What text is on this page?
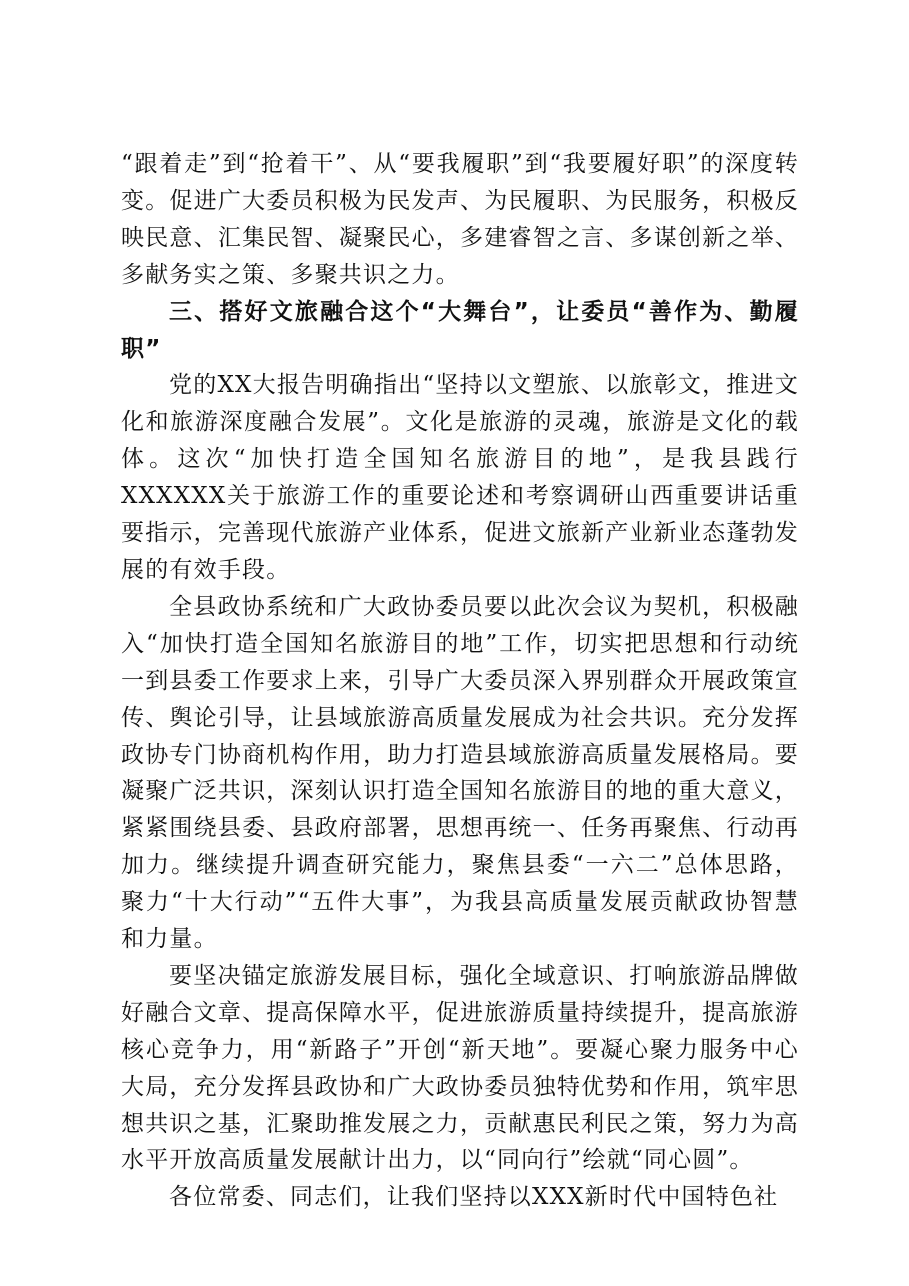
“跟着走”到“抢着干”、从“要我履职”到“我要履好职”的深度转变。促进广大委员积极为民发声、为民履职、为民服务，积极反映民意、汇集民智、凝聚民心，多建睿智之言、多谋创新之举、多献务实之策、多聚共识之力。

三、搭好文旅融合这个“大舞台”，让委员“善作为、勤履职”

党的XX大报告明确指出“坚持以文塑旅、以旅彰文，推进文化和旅游深度融合发展”。文化是旅游的灵魂，旅游是文化的载体。这次“加快打造全国知名旅游目的地”，是我县践行XXXXXX关于旅游工作的重要论述和考察调研山西重要讲话重要指示，完善现代旅游产业体系，促进文旅新产业新业态蓬勃发展的有效手段。

全县政协系统和广大政协委员要以此次会议为契机，积极融入“加快打造全国知名旅游目的地”工作，切实把思想和行动统一到县委工作要求上来，引导广大委员深入界别群众开展政策宣传、舆论引导，让县域旅游高质量发展成为社会共识。充分发挥政协专门协商机构作用，助力打造县域旅游高质量发展格局。要凝聚广泛共识，深刻认识打造全国知名旅游目的地的重大意义，紧紧围绕县委、县政府部署，思想再统一、任务再聚焦、行动再加力。继续提升调查研究能力，聚焦县委“一六二”总体思路，聚力“十大行动”“五件大事”，为我县高质量发展贡献政协智慧和力量。

要坚决锚定旅游发展目标，强化全域意识、打响旅游品牌做好融合文章、提高保障水平，促进旅游质量持续提升，提高旅游核心竞争力，用“新路子”开创“新天地”。要凝心聚力服务中心大局，充分发挥县政协和广大政协委员独特优势和作用，筑牢思想共识之基，汇聚助推发展之力，贡献惠民利民之策，努力为高水平开放高质量发展献计出力，以“同向行”绘就“同心圆”。

各位常委、同志们，让我们坚持以XXX新时代中国特色社
